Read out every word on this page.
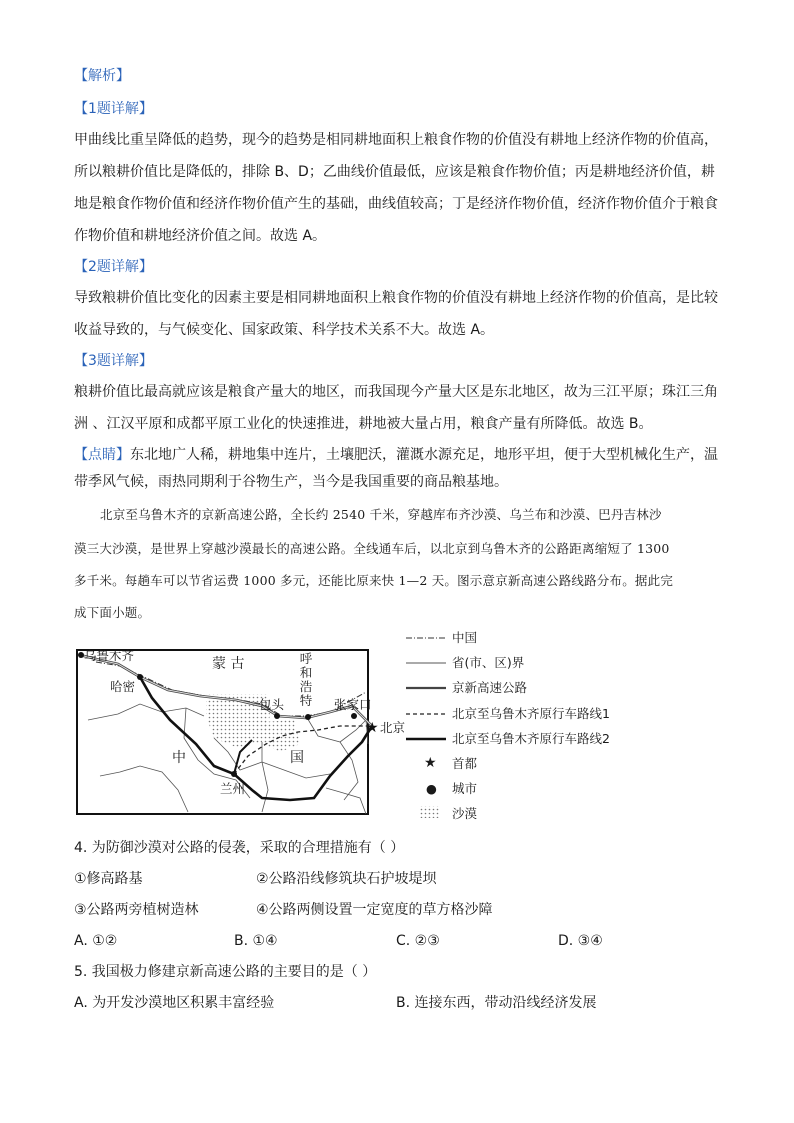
【解析】
【1题详解】
甲曲线比重呈降低的趋势，现今的趋势是相同耕地面积上粮食作物的价值没有耕地上经济作物的价值高，
所以粮耕价值比是降低的，排除 B、D；乙曲线价值最低，应该是粮食作物价值；丙是耕地经济价值，耕
地是粮食作物价值和经济作物价值产生的基础，曲线值较高；丁是经济作物价值，经济作物价值介于粮食
作物价值和耕地经济价值之间。故选 A。
【2题详解】
导致粮耕价值比变化的因素主要是相同耕地面积上粮食作物的价值没有耕地上经济作物的价值高，是比较
收益导致的，与气候变化、国家政策、科学技术关系不大。故选 A。
【3题详解】
粮耕价值比最高就应该是粮食产量大的地区，而我国现今产量大区是东北地区，故为三江平原；珠江三角
洲 、江汉平原和成都平原工业化的快速推进，耕地被大量占用，粮食产量有所降低。故选 B。
【点睛】东北地广人稀，耕地集中连片，土壤肥沃，灌溉水源充足，地形平坦，便于大型机械化生产，温
带季风气候，雨热同期利于谷物生产，当今是我国重要的商品粮基地。
北京至乌鲁木齐的京新高速公路，全长约 2540 千米，穿越库布齐沙漠、乌兰布和沙漠、巴丹吉林沙
漠三大沙漠，是世界上穿越沙漠最长的高速公路。全线通车后，以北京到乌鲁木齐的公路距离缩短了 1300
多千米。每趟车可以节省运费 1000 多元，还能比原来快 1—2 天。图示意京新高速公路线路分布。据此完
成下面小题。
★
乌鲁木齐
蒙 古	呼和浩特
哈密
包头	张家口
北京
中	国
兰州
中国
省(市、区)界
京新高速公路
北京至乌鲁木齐原行车路线1
北京至乌鲁木齐原行车路线2
★ 首都
● 城市
沙漠
4. 为防御沙漠对公路的侵袭，采取的合理措施有（ ）
①修高路基	②公路沿线修筑块石护坡堤坝
③公路两旁植树造林	④公路两侧设置一定宽度的草方格沙障
A. ①②	B. ①④	C. ②③	D. ③④
5. 我国极力修建京新高速公路的主要目的是（ ）
A. 为开发沙漠地区积累丰富经验	B. 连接东西，带动沿线经济发展
